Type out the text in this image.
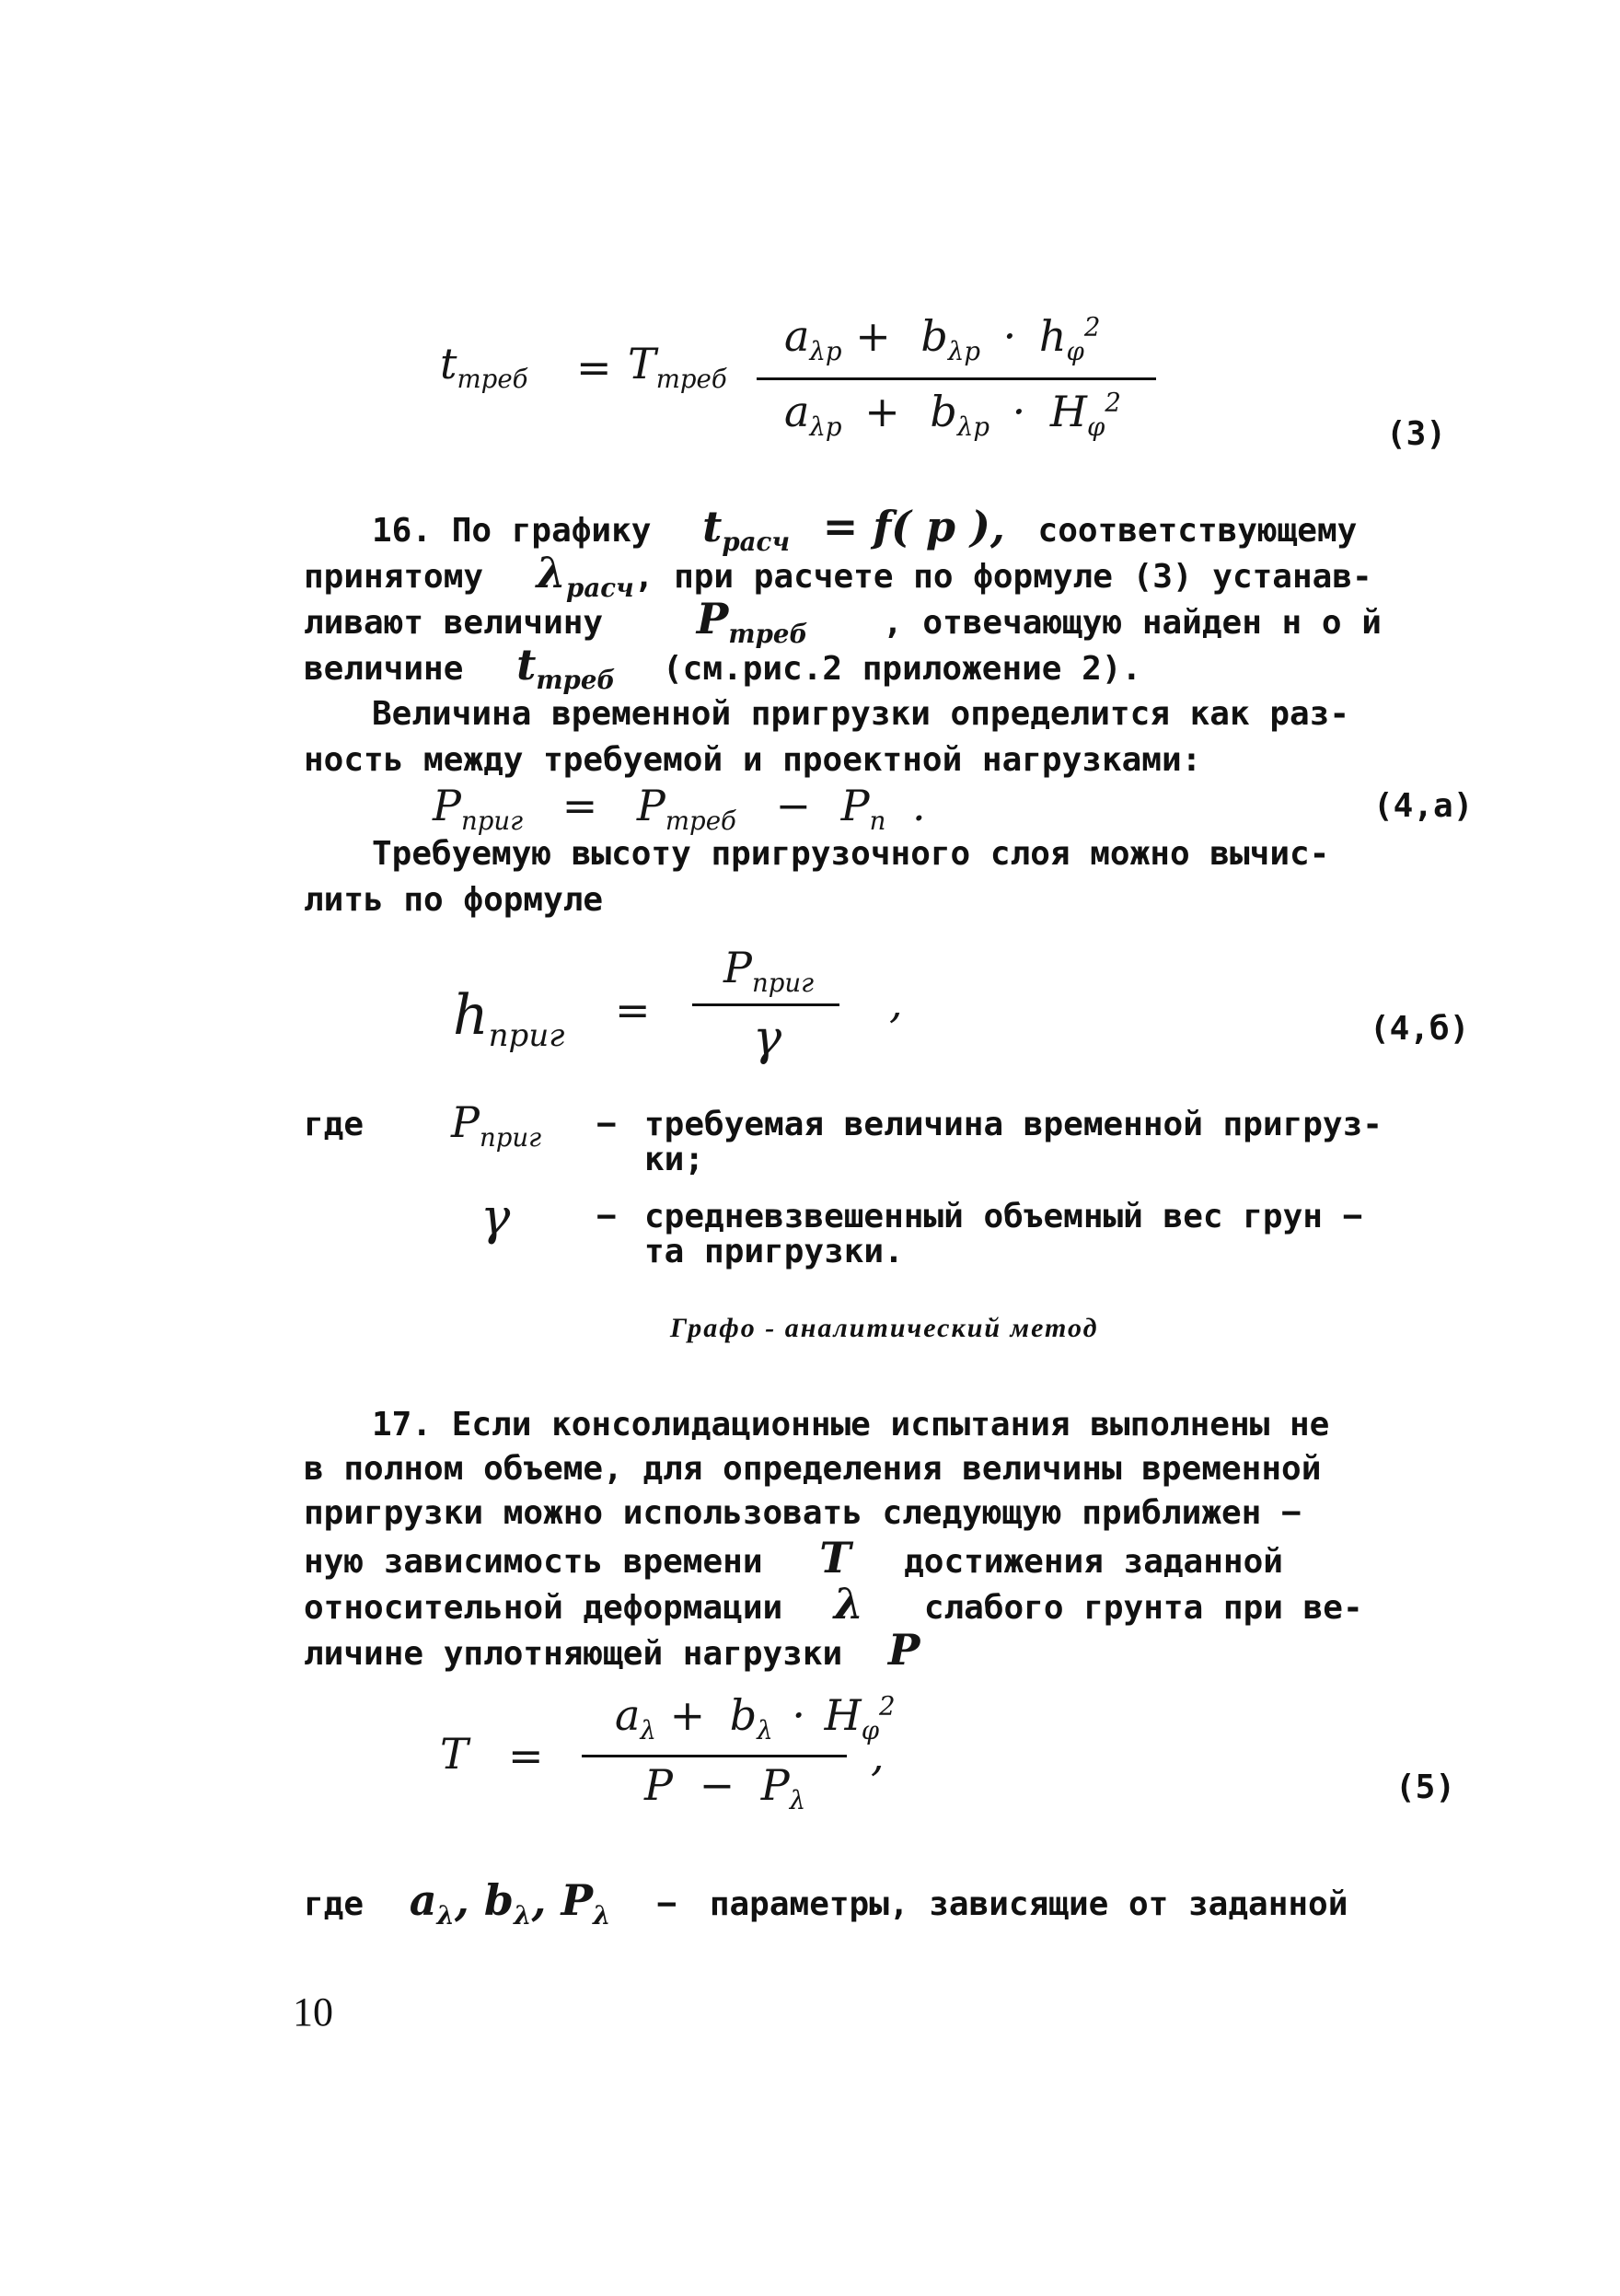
$t_{треб} = T_{треб}$
$a_{\lambda р} + b_{\lambda р} \cdot h_\varphi^2$
$a_{\lambda р} + b_{\lambda р} \cdot H_\varphi^2$
(3)
16. По графику $t_{расч} = f$( p ), соответствующему
принятому $\lambda_{расч}$, при расчете по формуле (3) устанав-
ливают величину $P_{треб}$ , отвечающую найден н о й
величине $t_{треб}$ (см.рис.2 приложение 2).
Величина временной пригрузки определится как раз-
ность между требуемой и проектной нагрузками:
$P_{приг} = P_{треб} - P_п$ .	(4,а)
Требуемую высоту пригрузочного слоя можно вычис-
лить по формуле
$h_{приг}$
=
$P_{приг}$
γ
,
(4,б)
где $P_{приг}$ − требуемая величина временной пригруз-
ки;
γ	− средневзвешенный объемный вес грун −
та пригрузки.
Графо - аналитический метод
17. Если консолидационные испытания выполнены не
в полном объеме, для определения величины временной
пригрузки можно использовать следующую приближен −
ную зависимость времени T достижения заданной
относительной деформации λ слабого грунта при ве-
личине уплотняющей нагрузки P
T =
$a_\lambda + b_\lambda \cdot H_\varphi^2$
$P - P_\lambda$
,
(5)
где $a_\lambda$, $b_\lambda$, $P_\lambda$ − параметры, зависящие от заданной
10
